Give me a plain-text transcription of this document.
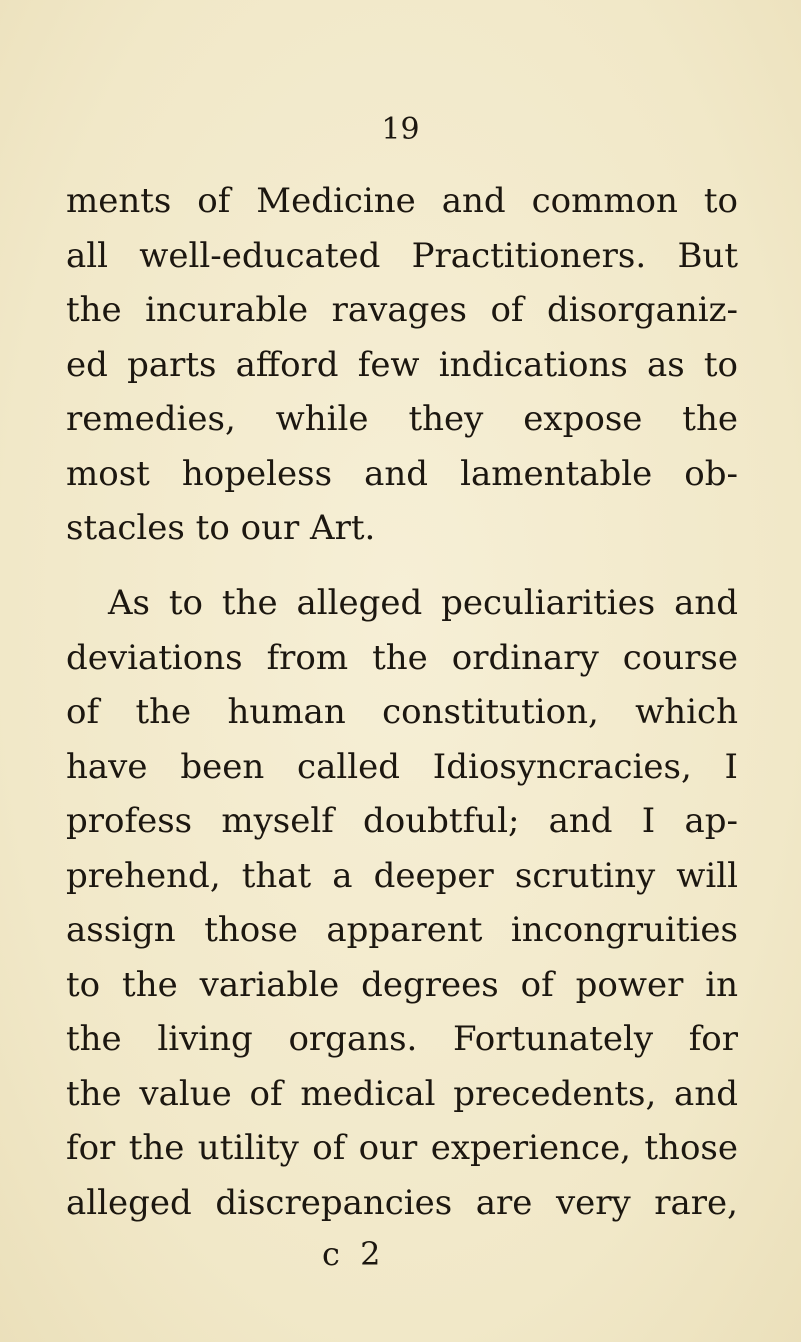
19
ments of Medicine and common to
all well-educated Practitioners. But
the incurable ravages of disorganiz-
ed parts afford few indications as to
remedies, while they expose the
most hopeless and lamentable ob-
stacles to our Art.
As to the alleged peculiarities and
deviations from the ordinary course
of the human constitution, which
have been called Idiosyncracies, I
profess myself doubtful; and I ap-
prehend, that a deeper scrutiny will
assign those apparent incongruities
to the variable degrees of power in
the living organs. Fortunately for
the value of medical precedents, and
for the utility of our experience, those
alleged discrepancies are very rare,
c 2
